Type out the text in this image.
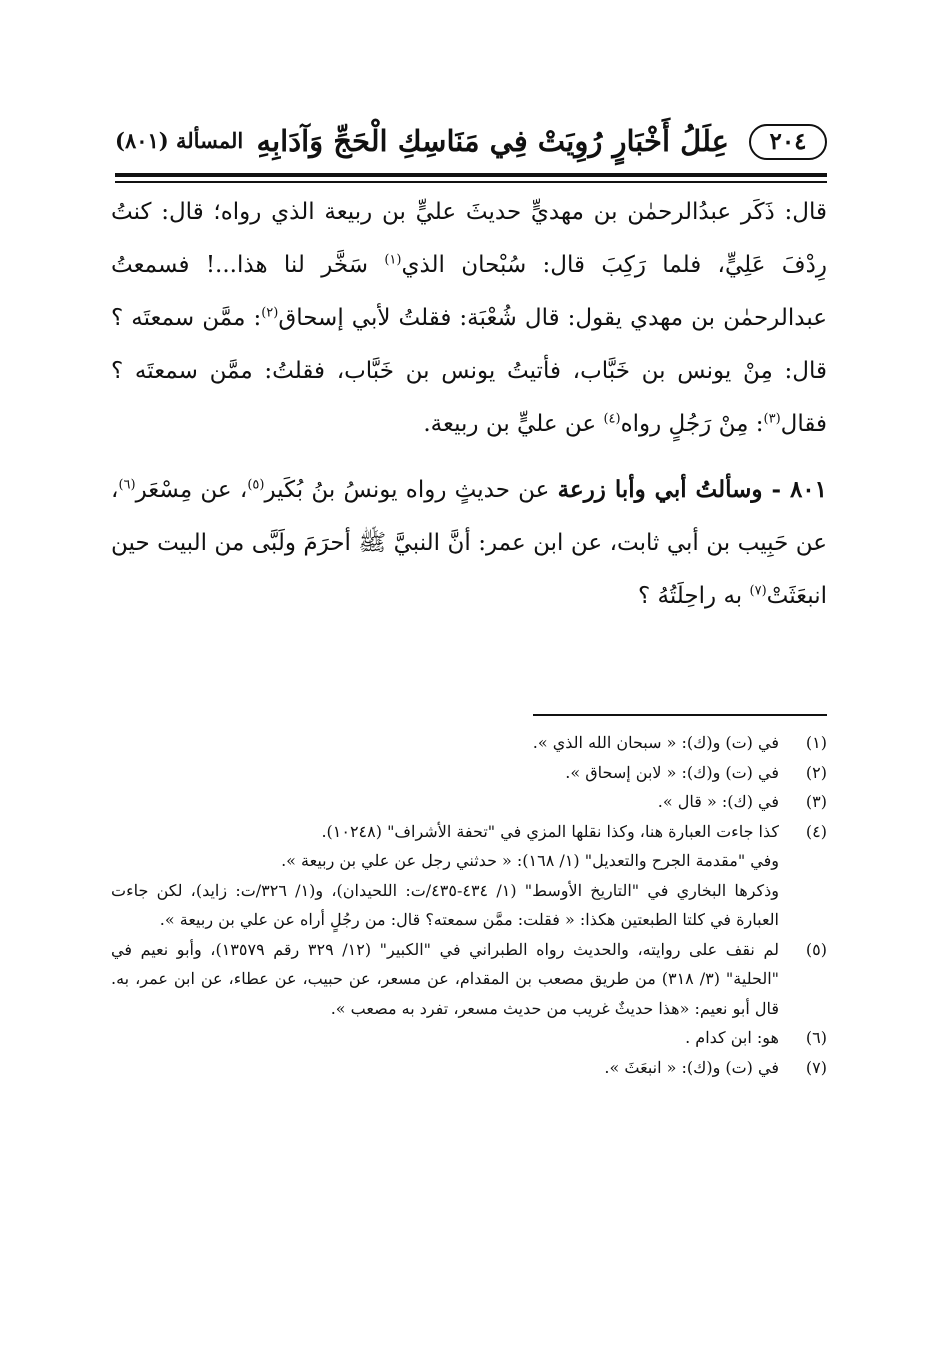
٢٠٤
عِلَلُ أَخْبَارٍ رُوِيَتْ فِي مَنَاسِكِ الْحَجِّ وَآدَابِهِ
المسألة (٨٠١)

قال: ذَكَر عبدُالرحمٰن بن مهديٍّ حديثَ عليٍّ بن ربيعة الذي رواه؛ قال: كنتُ رِدْفَ عَلِيٍّ، فلما رَكِبَ قال: سُبْحان الذي$^{(١)}$ سَخَّر لنا هذا...! فسمعتُ عبدالرحمٰن بن مهدي يقول: قال شُعْبَة: فقلتُ لأبي إسحاق$^{(٢)}$: ممَّن سمعتَه ؟ قال: مِنْ يونس بن خَبَّاب، فأتيتُ يونس بن خَبَّاب، فقلتُ: ممَّن سمعتَه ؟ فقال$^{(٣)}$: مِنْ رَجُلٍ رواه$^{(٤)}$ عن عليٍّ بن ربيعة.

٨٠١ - وسألتُ أبي وأبا زرعة عن حديثٍ رواه يونسُ بنُ بُكَير$^{(٥)}$، عن مِسْعَر$^{(٦)}$، عن حَبِيب بن أبي ثابت، عن ابن عمر: أنَّ النبيَّ ﷺ أحرَمَ ولَبَّى من البيت حين انبعَثَتْ$^{(٧)}$ به راحِلَتُهُ ؟

(١)
في (ت) و(ك): « سبحان الله الذي ».
(٢)
في (ت) و(ك): « لابن إسحاق ».
(٣)
في (ك): « قال ».
(٤)
كذا جاءت العبارة هنا، وكذا نقلها المزي في "تحفة الأشراف" (١٠٢٤٨).
وفي "مقدمة الجرح والتعديل" (١/ ١٦٨): « حدثني رجل عن علي بن ربيعة ».
وذكرها البخاري في "التاريخ الأوسط" (١/ ٤٣٤-٤٣٥/ت: اللحيدان)، و(١/ ٣٢٦/ت: زايد)، لكن جاءت العبارة في كلتا الطبعتين هكذا: « فقلت: ممَّن سمعته؟ قال: من رجُلٍ أراه عن علي بن ربيعة ».
(٥)
لم نقف على روايته، والحديث رواه الطبراني في "الكبير" (١٢/ ٣٢٩ رقم ١٣٥٧٩)، وأبو نعيم في "الحلية" (٣/ ٣١٨) من طريق مصعب بن المقدام، عن مسعر، عن حبيب، عن عطاء، عن ابن عمر، به. قال أبو نعيم: «هذا حديثٌ غريب من حديث مسعر، تفرد به مصعب ».
(٦)
هو: ابن كدام .
(٧)
في (ت) و(ك): « انبعَثَ ».
